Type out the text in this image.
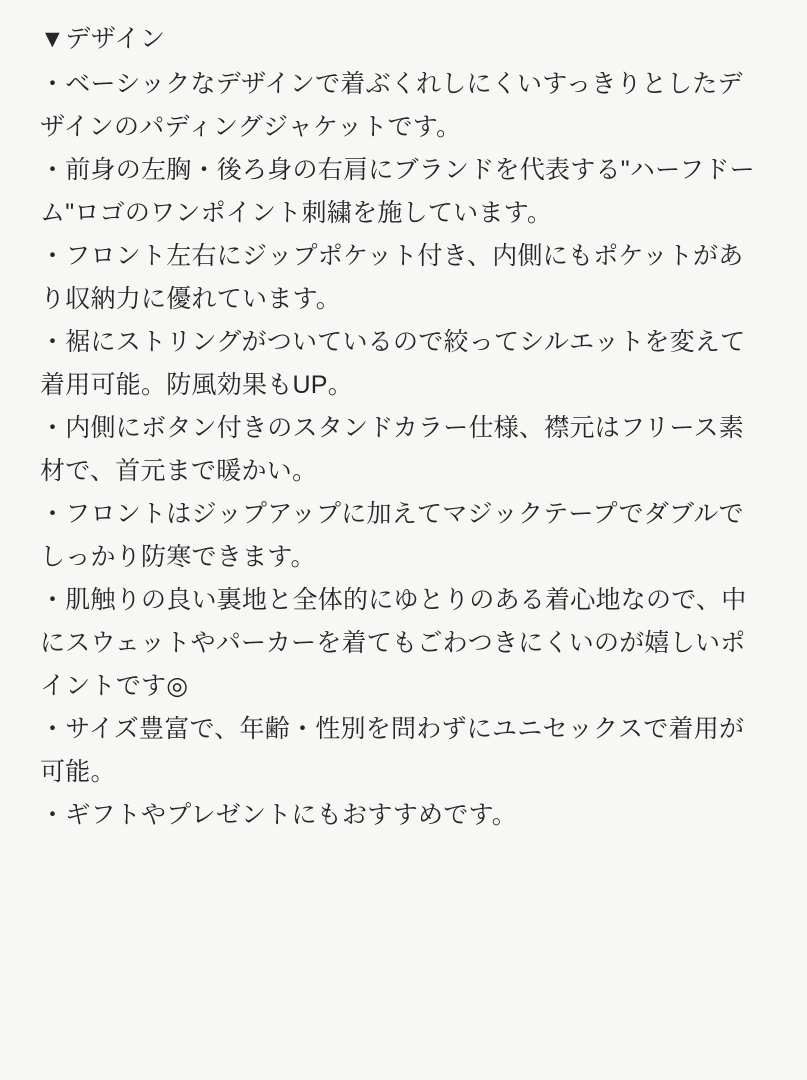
▼デザイン

・ベーシックなデザインで着ぶくれしにくいすっきりとしたデザインのパディングジャケットです。

・前身の左胸・後ろ身の右肩にブランドを代表する"ハーフドーム"ロゴのワンポイント刺繍を施しています。

・フロント左右にジップポケット付き、内側にもポケットがあり収納力に優れています。

・裾にストリングがついているので絞ってシルエットを変えて着用可能。防風効果もUP。

・内側にボタン付きのスタンドカラー仕様、襟元はフリース素材で、首元まで暖かい。

・フロントはジップアップに加えてマジックテープでダブルでしっかり防寒できます。

・肌触りの良い裏地と全体的にゆとりのある着心地なので、中にスウェットやパーカーを着てもごわつきにくいのが嬉しいポイントです◎

・サイズ豊富で、年齢・性別を問わずにユニセックスで着用が可能。

・ギフトやプレゼントにもおすすめです。
